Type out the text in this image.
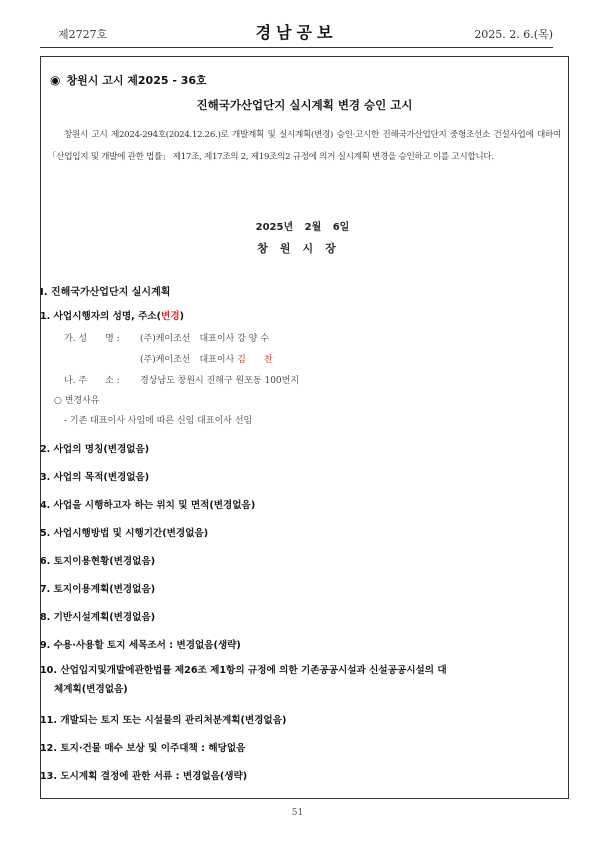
제2727호	경남공보	2025. 2. 6.(목)
◉ 창원시 고시 제2025 - 36호
진해국가산업단지 실시계획 변경 승인 고시

창원시 고시 제2024-294호(2024.12.26.)로 개발계획 및 실시계획(변경) 승인·고시한 진해국가산업단지 중형조선소 건설사업에 대하여 「산업입지 및 개발에 관한 법률」 제17조, 제17조의 2, 제19조의2 규정에 의거 실시계획 변경을 승인하고 이를 고시합니다.

2025년 2월 6일
창원시장
Ⅰ. 진해국가산업단지 실시계획
1. 사업시행자의 성명, 주소(변경)
가. 성　　명 : (주)케이조선　대표이사 강 양 수
(주)케이조선　대표이사 김 찬
나. 주　　소 : 경상남도 창원시 진해구 원포동 100번지
○ 변경사유
- 기존 대표이사 사임에 따른 신임 대표이사 선임
2. 사업의 명칭(변경없음)
3. 사업의 목적(변경없음)
4. 사업을 시행하고자 하는 위치 및 면적(변경없음)
5. 사업시행방법 및 시행기간(변경없음)
6. 토지이용현황(변경없음)
7. 토지이용계획(변경없음)
8. 기반시설계획(변경없음)
9. 수용·사용할 토지 세목조서 : 변경없음(생략)
10. 산업입지및개발에관한법률 제26조 제1항의 규정에 의한 기존공공시설과 신설공공시설의 대
체계획(변경없음)
11. 개발되는 토지 또는 시설물의 관리처분계획(변경없음)
12. 토지·건물 매수 보상 및 이주대책 : 해당없음
13. 도시계획 결정에 관한 서류 : 변경없음(생략)
51
